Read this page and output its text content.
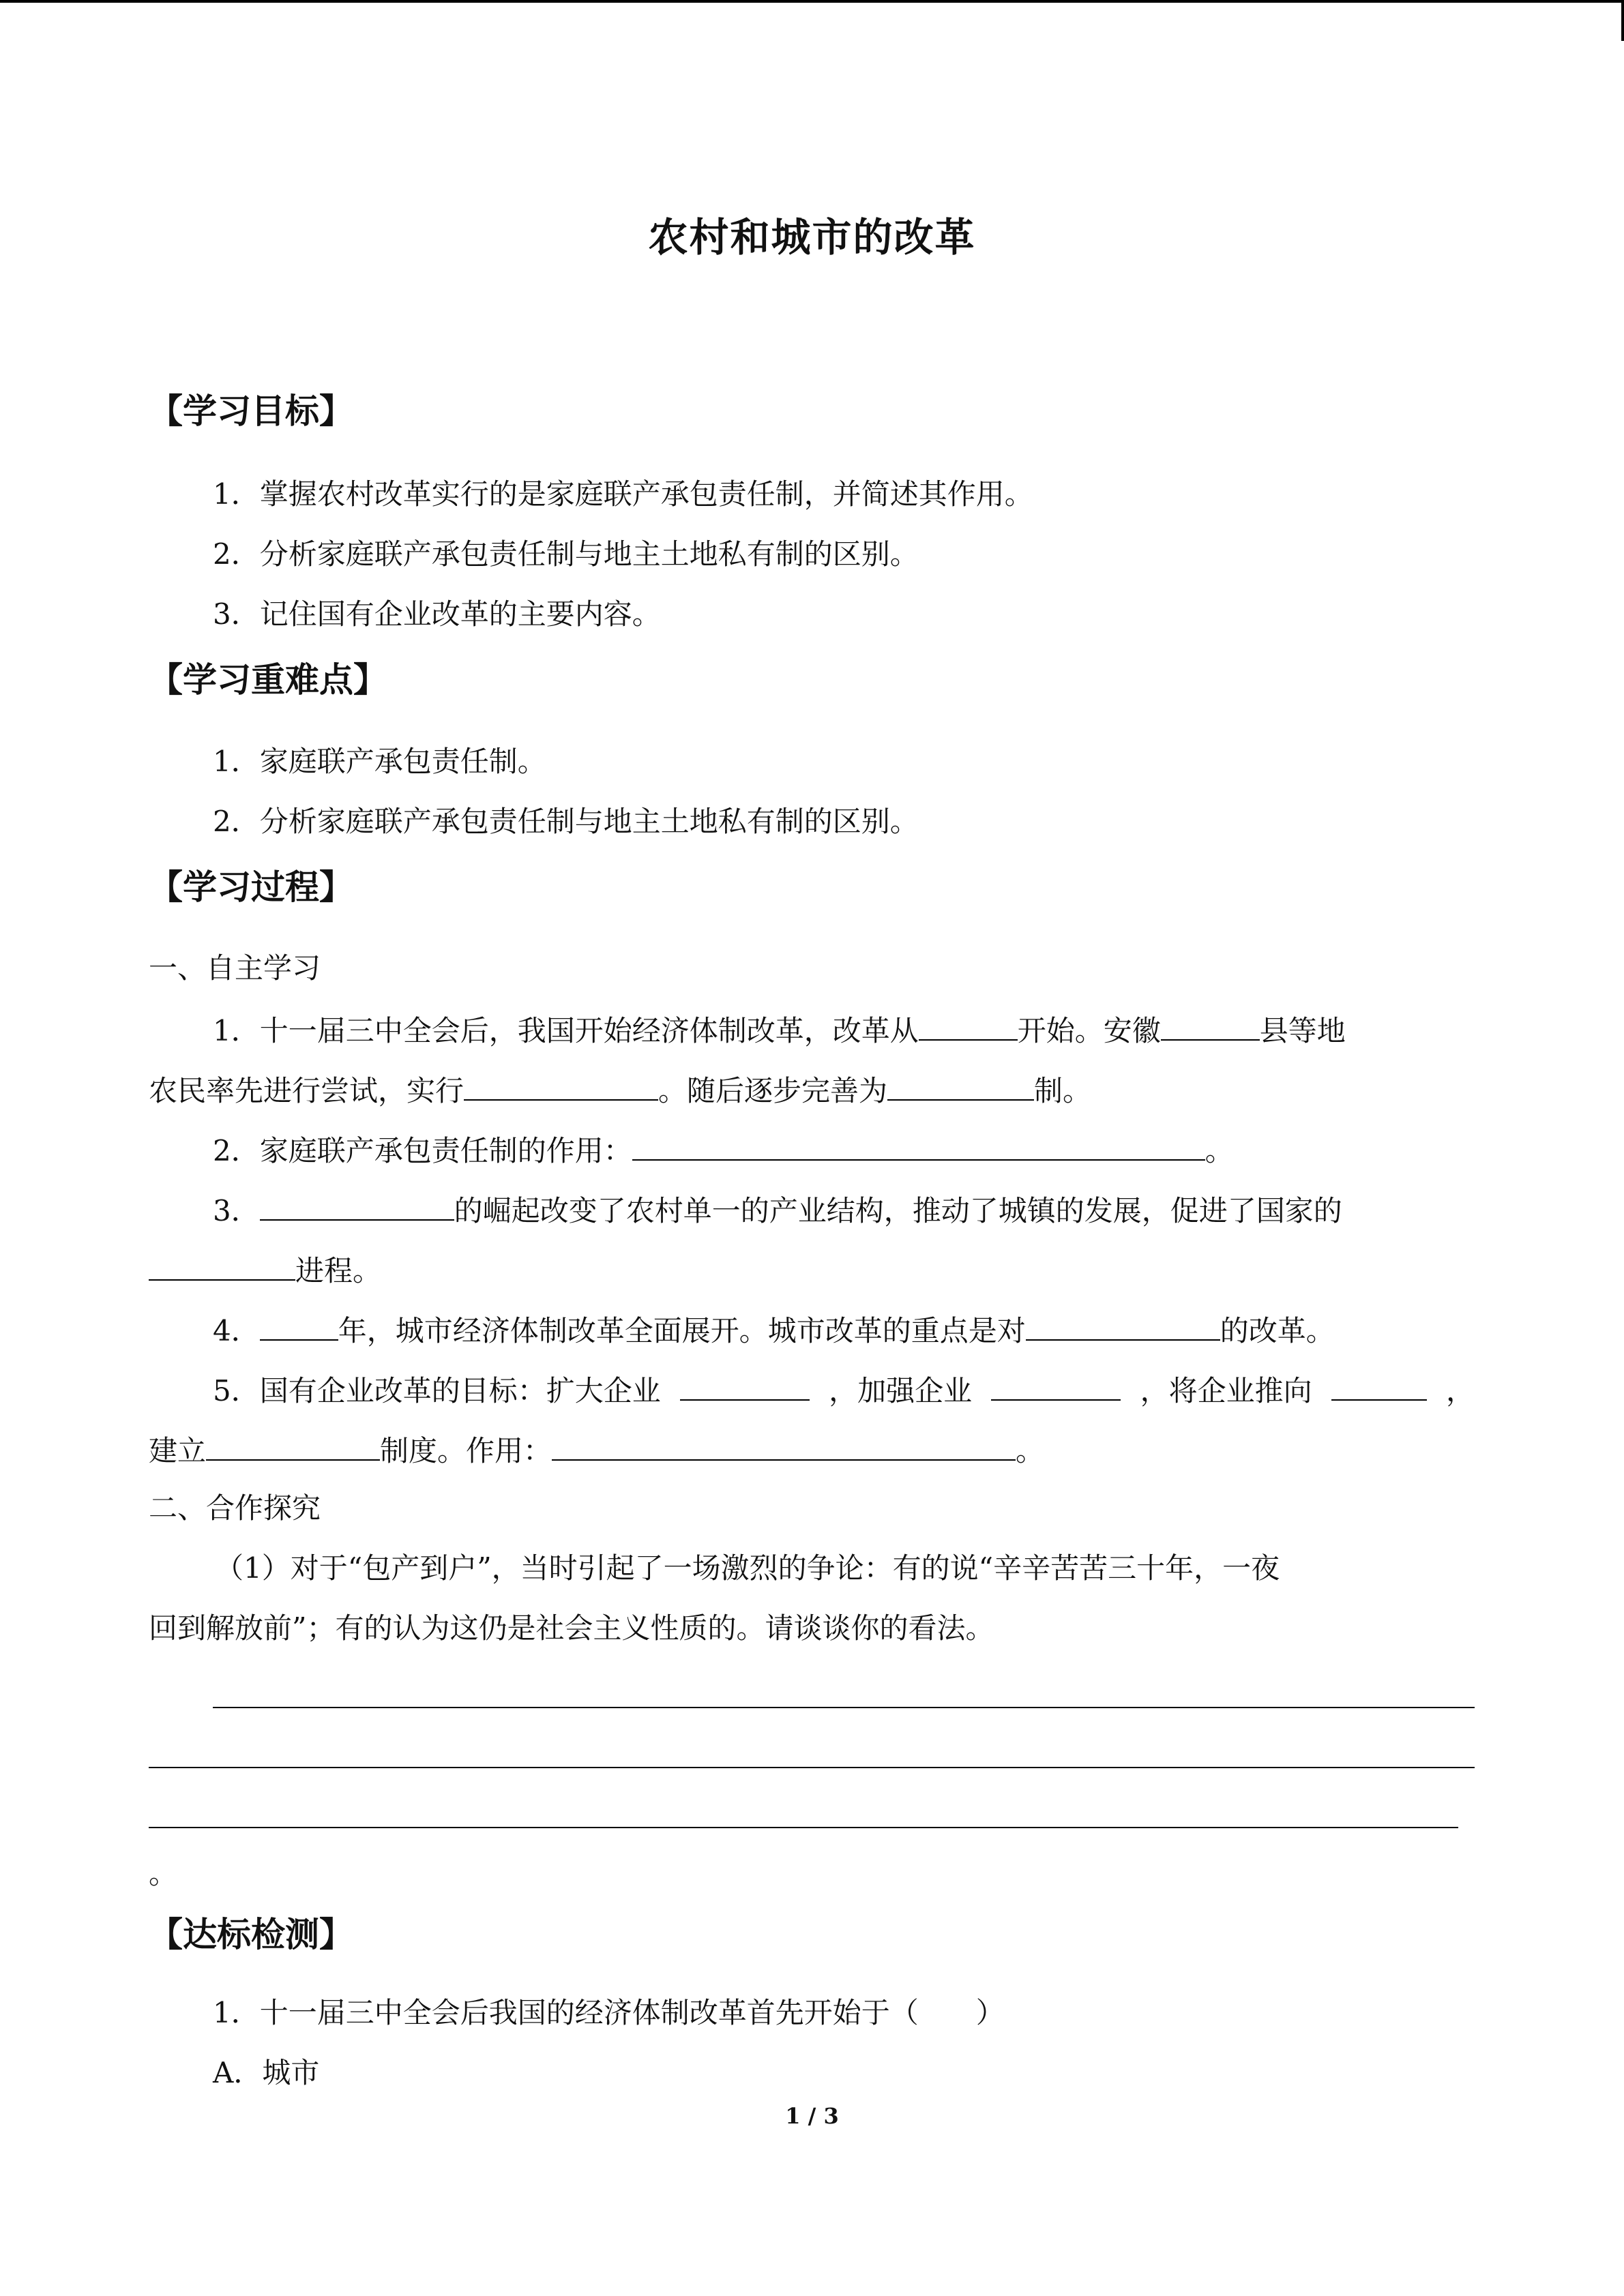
农村和城市的改革
【学习目标】
1．掌握农村改革实行的是家庭联产承包责任制，并简述其作用。
2．分析家庭联产承包责任制与地主土地私有制的区别。
3．记住国有企业改革的主要内容。
【学习重难点】
1．家庭联产承包责任制。
2．分析家庭联产承包责任制与地主土地私有制的区别。
【学习过程】
一、自主学习
1．十一届三中全会后，我国开始经济体制改革，改革从	开始。安徽	县等地
农民率先进行尝试，实行	。随后逐步完善为	制。
2．家庭联产承包责任制的作用：	。
3．	的崛起改变了农村单一的产业结构，推动了城镇的发展，促进了国家的
进程。
4．	年，城市经济体制改革全面展开。城市改革的重点是对	的改革。
5．国有企业改革的目标：扩大企业	，加强企业	，将企业推向	，
建立	制度。作用：	。
二、合作探究
（1）对于“包产到户”，当时引起了一场激烈的争论：有的说“辛辛苦苦三十年，一夜
回到解放前”；有的认为这仍是社会主义性质的。请谈谈你的看法。
。
【达标检测】
1．十一届三中全会后我国的经济体制改革首先开始于（　　）
A．城市
1 / 3
